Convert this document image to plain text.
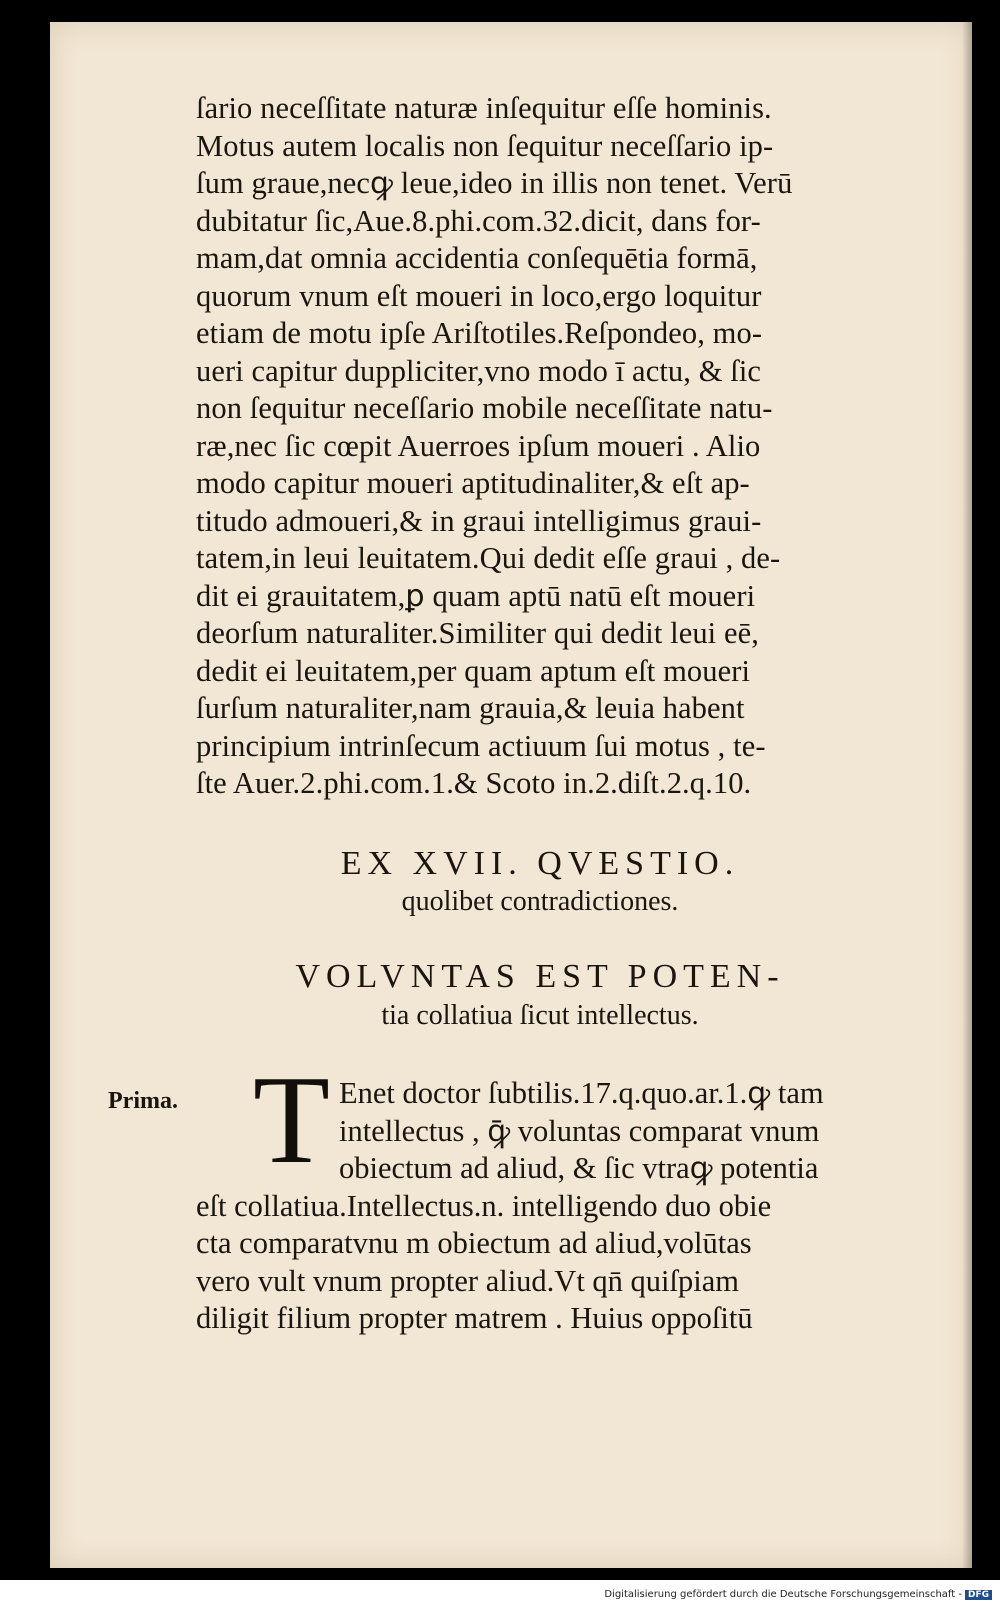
ſario neceſſitate naturæ inſequitur eſſe hominis.
Motus autem localis non ſequitur neceſſario ip-
ſum graue,necꝙ leue,ideo in illis non tenet. Verū
dubitatur ſic,Aue.8.phi.com.32.dicit, dans for-
mam,dat omnia accidentia conſequētia formā,
quorum vnum eſt moueri in loco,ergo loquitur
etiam de motu ipſe Ariſtotiles.Reſpondeo, mo-
ueri capitur duppliciter,vno modo ī actu, & ſic
non ſequitur neceſſario mobile neceſſitate natu-
ræ,nec ſic cœpit Auerroes ipſum moueri . Alio
modo capitur moueri aptitudinaliter,& eſt ap-
titudo admoueri,& in graui intelligimus graui-
tatem,in leui leuitatem.Qui dedit eſſe graui , de-
dit ei grauitatem,ꝑ quam aptū natū eſt moueri
deorſum naturaliter.Similiter qui dedit leui eē,
dedit ei leuitatem,per quam aptum eſt moueri
ſurſum naturaliter,nam grauia,& leuia habent
principium intrinſecum actiuum ſui motus , te-
ſte Auer.2.phi.com.1.& Scoto in.2.diſt.2.q.10.
EX XVII. QVESTIO.
quolibet contradictiones.
VOLVNTAS EST POTEN-
tia collatiua ſicut intellectus.
Prima. T Enet doctor ſubtilis.17.q.quo.ar.1.ꝙ tam
intellectus , ꝙ̄ voluntas comparat vnum
obiectum ad aliud, & ſic vtraꝙ potentia
eſt collatiua.Intellectus.n. intelligendo duo obie
cta comparatvnu m obiectum ad aliud,volūtas
vero vult vnum propter aliud.Vt qn̄ quiſpiam
diligit filium propter matrem . Huius oppoſitū
Digitalisierung gefördert durch die Deutsche Forschungsgemeinschaft - DFG
